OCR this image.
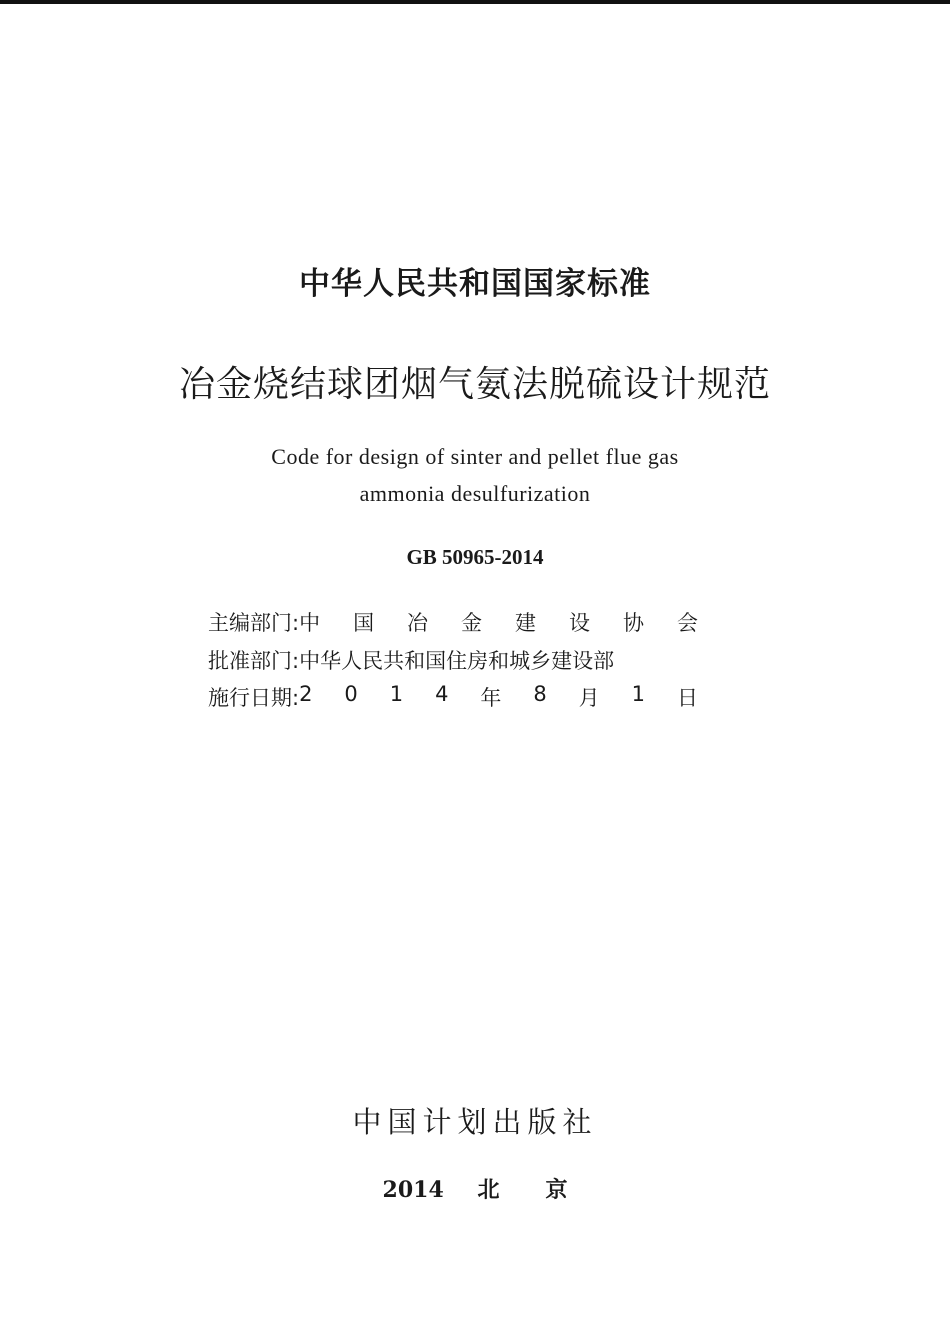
中华人民共和国国家标准
冶金烧结球团烟气氨法脱硫设计规范
Code for design of sinter and pellet flue gas
ammonia desulfurization
GB 50965-2014
主编部门: 中 国 冶 金 建 设 协 会
批准部门: 中华人民共和国住房和城乡建设部
施行日期: 2 0 1 4 年 8 月 1 日
中国计划出版社
2014 北京
